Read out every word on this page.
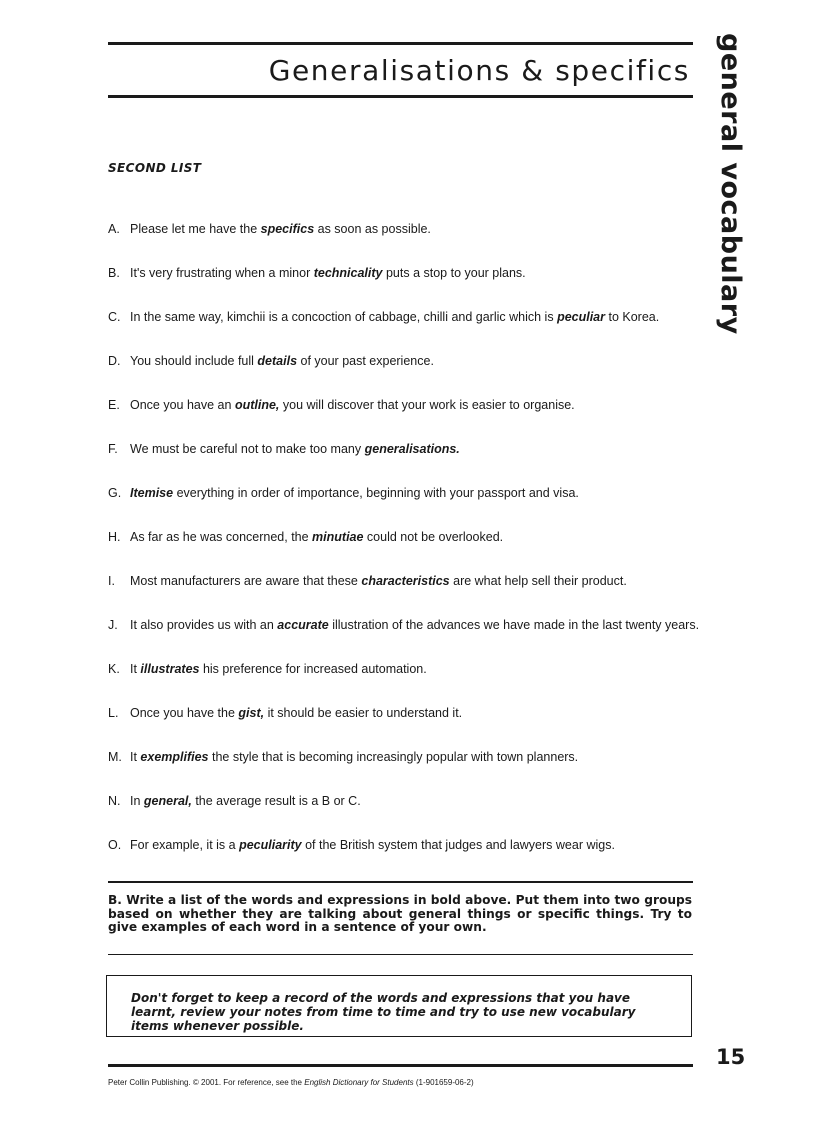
Generalisations & specifics general vocabulary
SECOND LIST
A. Please let me have the specifics as soon as possible.
B. It's very frustrating when a minor technicality puts a stop to your plans.
C. In the same way, kimchii is a concoction of cabbage, chilli and garlic which is peculiar to Korea.
D. You should include full details of your past experience.
E. Once you have an outline, you will discover that your work is easier to organise.
F. We must be careful not to make too many generalisations.
G. Itemise everything in order of importance, beginning with your passport and visa.
H. As far as he was concerned, the minutiae could not be overlooked.
I. Most manufacturers are aware that these characteristics are what help sell their product.
J. It also provides us with an accurate illustration of the advances we have made in the last twenty years.
K. It illustrates his preference for increased automation.
L. Once you have the gist, it should be easier to understand it.
M. It exemplifies the style that is becoming increasingly popular with town planners.
N. In general, the average result is a B or C.
O. For example, it is a peculiarity of the British system that judges and lawyers wear wigs.
B. Write a list of the words and expressions in bold above. Put them into two groups based on whether they are talking about general things or specific things. Try to give examples of each word in a sentence of your own.
Don't forget to keep a record of the words and expressions that you have learnt, review your notes from time to time and try to use new vocabulary items whenever possible.
15
Peter Collin Publishing. © 2001. For reference, see the English Dictionary for Students (1-901659-06-2)
